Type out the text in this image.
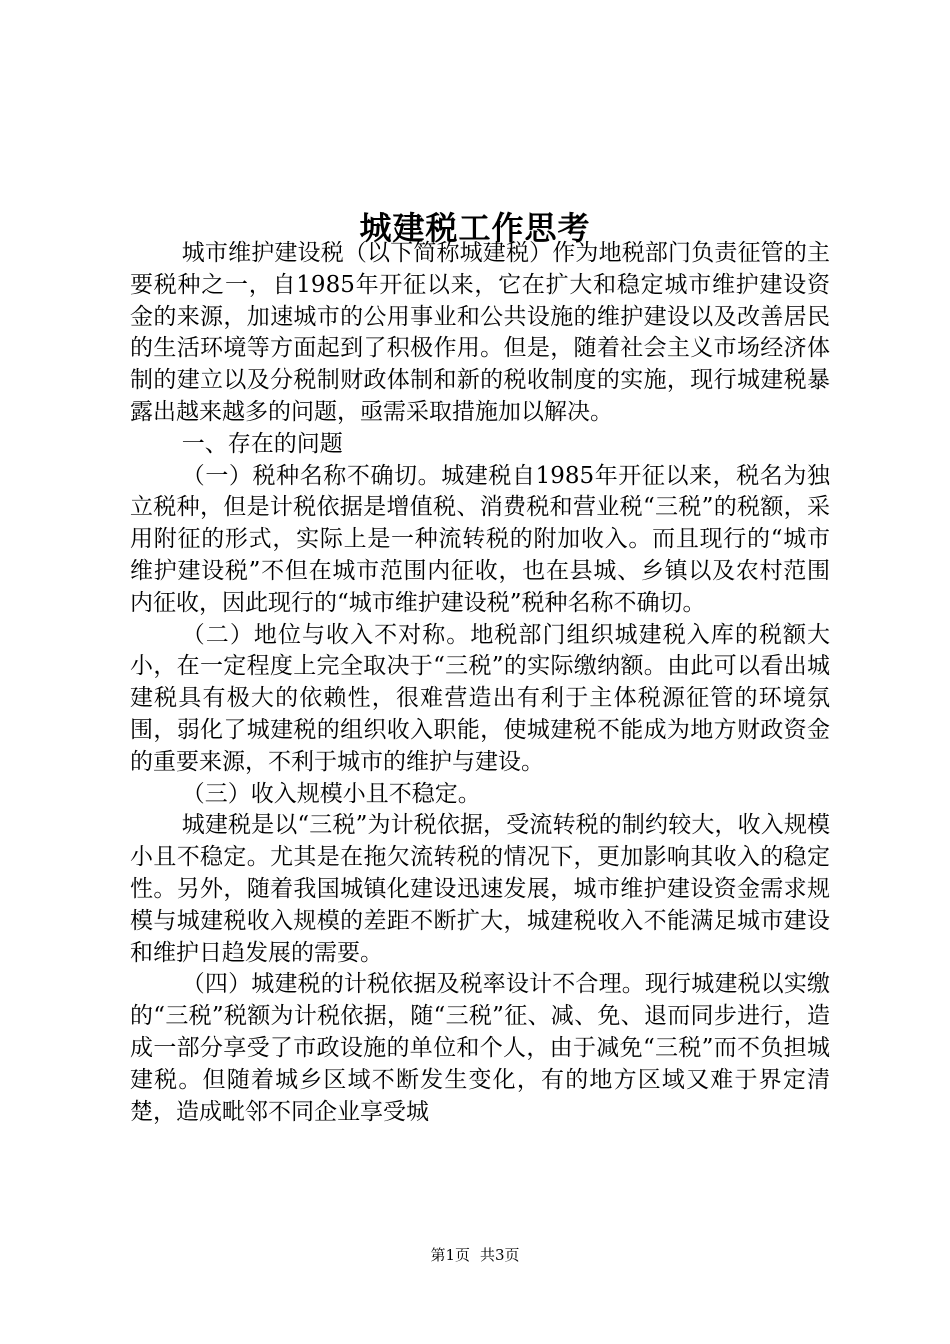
城建税工作思考

城市维护建设税（以下简称城建税）作为地税部门负责征管的主要税种之一，自1985年开征以来，它在扩大和稳定城市维护建设资金的来源，加速城市的公用事业和公共设施的维护建设以及改善居民的生活环境等方面起到了积极作用。但是，随着社会主义市场经济体制的建立以及分税制财政体制和新的税收制度的实施，现行城建税暴露出越来越多的问题，亟需采取措施加以解决。

一、存在的问题

（一）税种名称不确切。城建税自1985年开征以来，税名为独立税种，但是计税依据是增值税、消费税和营业税“三税”的税额，采用附征的形式，实际上是一种流转税的附加收入。而且现行的“城市维护建设税”不但在城市范围内征收，也在县城、乡镇以及农村范围内征收，因此现行的“城市维护建设税”税种名称不确切。

（二）地位与收入不对称。地税部门组织城建税入库的税额大小，在一定程度上完全取决于“三税”的实际缴纳额。由此可以看出城建税具有极大的依赖性，很难营造出有利于主体税源征管的环境氛围，弱化了城建税的组织收入职能，使城建税不能成为地方财政资金的重要来源，不利于城市的维护与建设。

（三）收入规模小且不稳定。

城建税是以“三税”为计税依据，受流转税的制约较大，收入规模小且不稳定。尤其是在拖欠流转税的情况下，更加影响其收入的稳定性。另外，随着我国城镇化建设迅速发展，城市维护建设资金需求规模与城建税收入规模的差距不断扩大，城建税收入不能满足城市建设和维护日趋发展的需要。

（四）城建税的计税依据及税率设计不合理。现行城建税以实缴的“三税”税额为计税依据，随“三税”征、减、免、退而同步进行，造成一部分享受了市政设施的单位和个人，由于减免“三税”而不负担城建税。但随着城乡区域不断发生变化，有的地方区域又难于界定清楚，造成毗邻不同企业享受城

第1页 共3页
